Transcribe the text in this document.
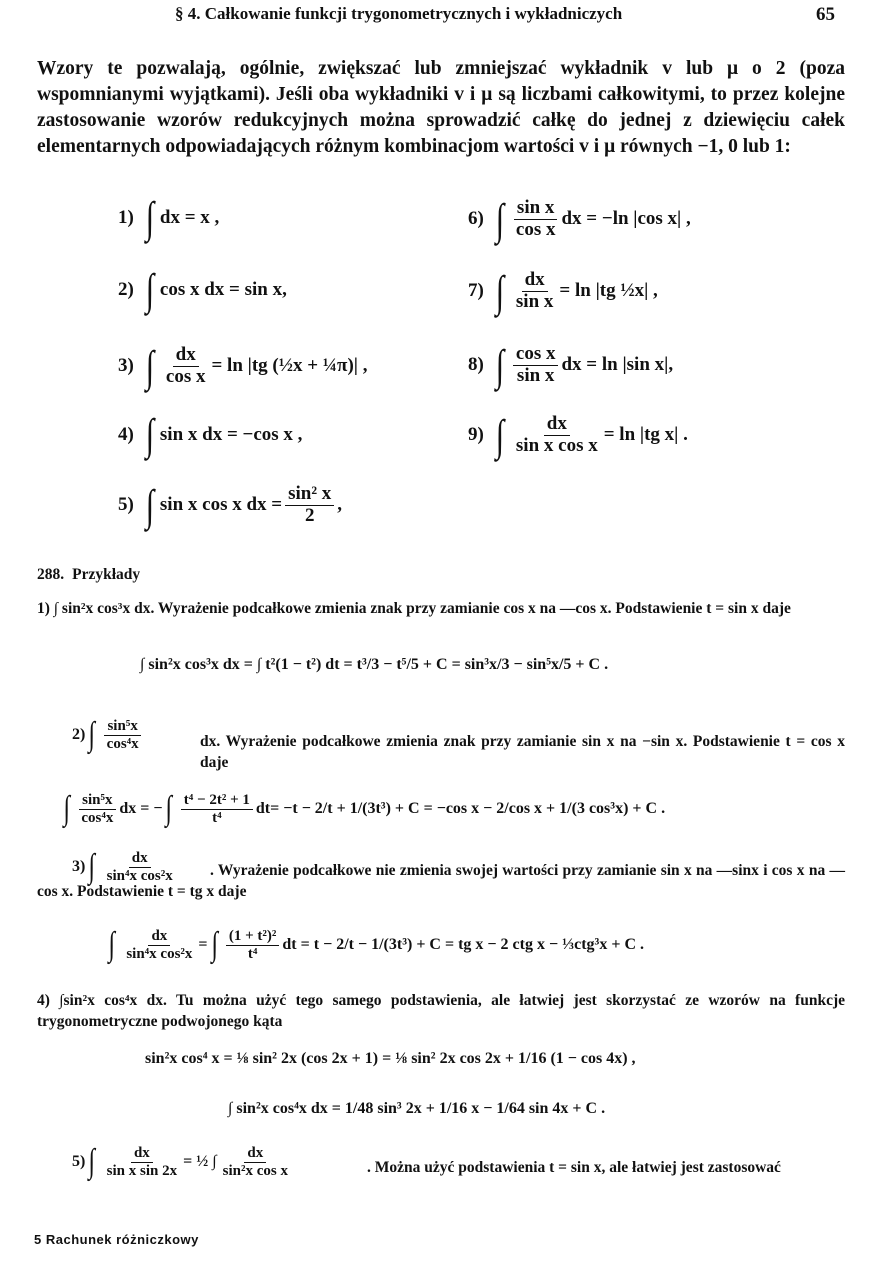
§ 4. Całkowanie funkcji trygonometrycznych i wykładniczych	65
Wzory te pozwalają, ogólnie, zwiększać lub zmniejszać wykładnik v lub μ o 2 (poza wspomnianymi wyjątkami). Jeśli oba wykładniki v i μ są liczbami całkowitymi, to przez kolejne zastosowanie wzorów redukcyjnych można sprowadzić całkę do jednej z dziewięciu całek elementarnych odpowiadających różnym kombinacjom wartości v i μ równych −1, 0 lub 1:
1) ∫ dx = x ,
2) ∫ cos x dx = sin x,
3) ∫ $\frac{dx}{\text{cos x}} = \ln |tg$ (½x + ¼π)| ,
4) ∫ sin x dx = −cos x ,
5) ∫ sin x cos x dx = $\frac{\text{sin² x}}{2}$ ,
6) ∫ $\frac{\text{sin x}}{\text{cos x}}$ dx = −ln |cos x| ,
7) ∫ $\frac{dx}{\text{sin x}} = \ln |tg$ ½x| ,
8) ∫ $\frac{\text{cos x}}{\text{sin x}}$ dx = ln |sin x|,
9) ∫ $\frac{dx}{\text{sin x cos x}} = \ln |tg$ x| .
288. Przykłady
1) ∫ sin²x cos³x dx. Wyrażenie podcałkowe zmienia znak przy zamianie cos x na —cos x. Podstawienie t = sin x daje
∫ sin²x cos³x dx = ∫ t²(1 − t²) dt = t³/3 − t⁵/5 + C = sin³x/3 − sin⁵x/5 + C .
2) ∫ $\frac{\text{sin⁵x}}{\text{cos⁴x}}$	dx. Wyrażenie podcałkowe zmienia znak przy zamianie sin x na −sin x. Podstawienie t = cos x daje
∫ $\frac{\text{sin⁵x}}{\text{cos⁴x}}$ dx = − ∫ $\frac{\text{t⁴ − 2t² + 1}}{\text{t⁴}}$ dt = −t − 2/t + 1/(3t³) + C = −cos x − 2/cos x + 1/(3 cos³x) + C .
3) ∫ $\frac{dx}{\text{sin⁴x cos²x}}$	. Wyrażenie podcałkowe nie zmienia swojej wartości przy zamianie sin x na —sinx i cos x na —cos x. Podstawienie t = tg x daje
∫ $\frac{dx}{\text{sin⁴x cos²x}}$ = ∫ $\frac{\text{(1 + t²)²}}{\text{t⁴}}$ dt = t − 2/t − 1/(3t³) + C = tg x − 2 ctg x − ⅓ctg³x + C .
4) ∫sin²x cos⁴x dx. Tu można użyć tego samego podstawienia, ale łatwiej jest skorzystać ze wzorów na funkcje trygonometryczne podwojonego kąta
sin²x cos⁴ x = ⅛ sin² 2x (cos 2x + 1) = ⅛ sin² 2x cos 2x + 1/16 (1 − cos 4x) ,
∫ sin²x cos⁴x dx = 1/48 sin³ 2x + 1/16 x − 1/64 sin 4x + C .
5) ∫ $\frac{dx}{\text{sin x sin 2x}}$ = ½ ∫ $\frac{dx}{\text{sin²x cos x}}$	. Można użyć podstawienia t = sin x, ale łatwiej jest zastosować
5 Rachunek różniczkowy
